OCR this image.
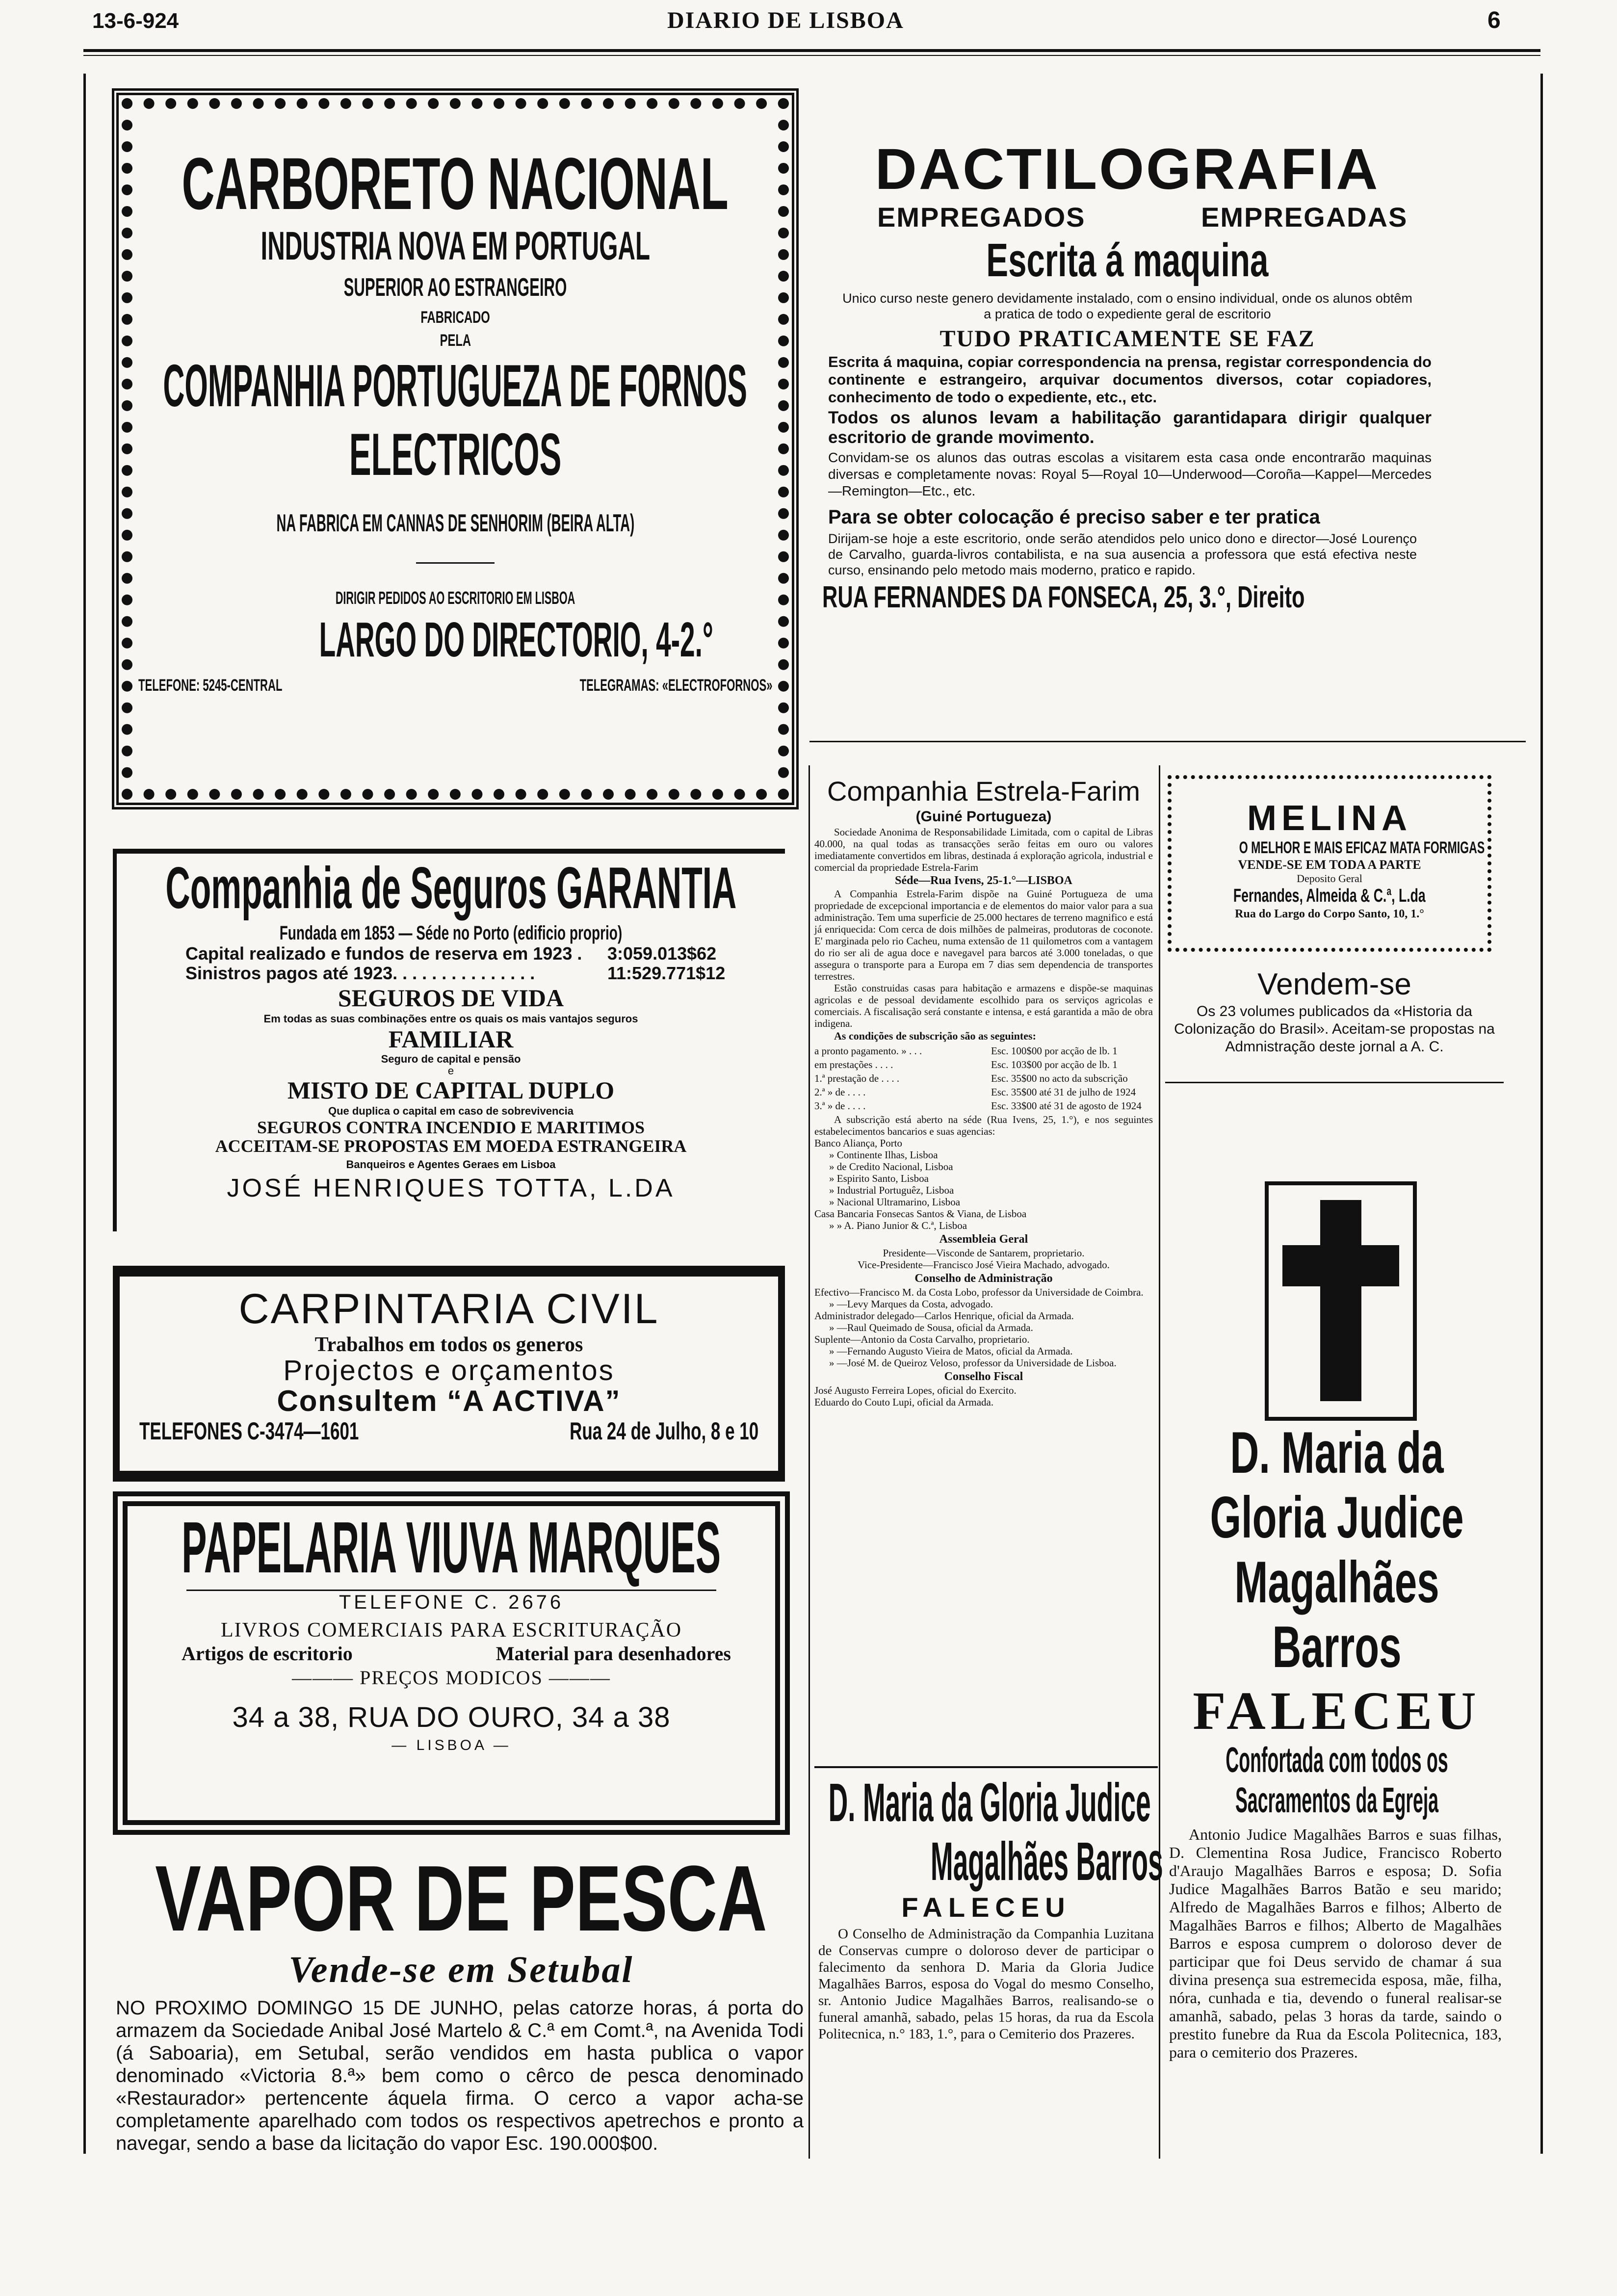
13-6-924	DIARIO DE LISBOA	6
CARBORETO NACIONAL
INDUSTRIA NOVA EM PORTUGAL
SUPERIOR AO ESTRANGEIRO
FABRICADO
PELA
COMPANHIA PORTUGUEZA DE FORNOS
ELECTRICOS
NA FABRICA EM CANNAS DE SENHORIM (BEIRA ALTA)
DIRIGIR PEDIDOS AO ESCRITORIO EM LISBOA
LARGO DO DIRECTORIO, 4-2.°
TELEFONE: 5245-CENTRAL	TELEGRAMAS: «ELECTROFORNOS»
DACTILOGRAFIA
EMPREGADOS	EMPREGADAS
Escrita á maquina

Unico curso neste genero devidamente instalado, com o ensino individual, onde os alunos obtêm a pratica de todo o expediente geral de escritorio

TUDO PRATICAMENTE SE FAZ

Escrita á maquina, copiar correspondencia na prensa, registar correspondencia do continente e estrangeiro, arquivar documentos diversos, cotar copiadores, conhecimento de todo o expediente, etc., etc.

Todos os alunos levam a habilitação garantidapara dirigir qualquer escritorio de grande movimento.

Convidam-se os alunos das outras escolas a visitarem esta casa onde encontrarão maquinas diversas e completamente novas: Royal 5—Royal 10—Underwood—Coroña—Kappel—Mercedes—Remington—Etc., etc.

Para se obter colocação é preciso saber e ter pratica

Dirijam-se hoje a este escritorio, onde serão atendidos pelo unico dono e director—José Lourenço de Carvalho, guarda-livros contabilista, e na sua ausencia a professora que está efectiva neste curso, ensinando pelo metodo mais moderno, pratico e rapido.

RUA FERNANDES DA FONSECA, 25, 3.°, Direito
Companhia de Seguros GARANTIA
Fundada em 1853 — Séde no Porto (edificio proprio)
Capital realizado e fundos de reserva em 1923 . 3:059.013$62
Sinistros pagos até 1923. . . . . . . . . . . . . . .	11:529.771$12
SEGUROS DE VIDA
Em todas as suas combinações entre os quais os mais vantajos seguros
FAMILIAR
Seguro de capital e pensão
e
MISTO DE CAPITAL DUPLO
Que duplica o capital em caso de sobrevivencia
SEGUROS CONTRA INCENDIO E MARITIMOS
ACCEITAM-SE PROPOSTAS EM MOEDA ESTRANGEIRA
Banqueiros e Agentes Geraes em Lisboa
JOSÉ HENRIQUES TOTTA, L.DA
CARPINTARIA CIVIL
Trabalhos em todos os generos
Projectos e orçamentos
Consultem “A ACTIVA”
TELEFONES C-3474—1601	Rua 24 de Julho, 8 e 10
PAPELARIA VIUVA MARQUES
TELEFONE C. 2676
LIVROS COMERCIAIS PARA ESCRITURAÇÃO
Artigos de escritorio	Material para desenhadores
——— PREÇOS MODICOS ———
34 a 38, RUA DO OURO, 34 a 38
— LISBOA —
VAPOR DE PESCA
Vende-se em Setubal

NO PROXIMO DOMINGO 15 DE JUNHO, pelas catorze horas, á porta do armazem da Sociedade Anibal José Martelo & C.ª em Comt.ª, na Avenida Todi (á Saboaria), em Setubal, serão vendidos em hasta publica o vapor denominado «Victoria 8.ª» bem como o cêrco de pesca denominado «Restaurador» pertencente áquela firma. O cerco a vapor acha-se completamente aparelhado com todos os respectivos apetrechos e pronto a navegar, sendo a base da licitação do vapor Esc. 190.000$00.

Companhia Estrela-Farim
(Guiné Portugueza)

Sociedade Anonima de Responsabilidade Limitada, com o capital de Libras 40.000, na qual todas as transacções serão feitas em ouro ou valores imediatamente convertidos em libras, destinada á exploração agricola, industrial e comercial da propriedade Estrela-Farim

Séde—Rua Ivens, 25-1.°—LISBOA

A Companhia Estrela-Farim dispõe na Guiné Portugueza de uma propriedade de excepcional importancia e de elementos do maior valor para a sua administração. Tem uma superficie de 25.000 hectares de terreno magnifico e está já enriquecida: Com cerca de dois milhões de palmeiras, produtoras de coconote. E' marginada pelo rio Cacheu, numa extensão de 11 quilometros com a vantagem do rio ser ali de agua doce e navegavel para barcos até 3.000 toneladas, o que assegura o transporte para a Europa em 7 dias sem dependencia de transportes terrestres.

Estão construidas casas para habitação e armazens e dispõe-se maquinas agricolas e de pessoal devidamente escolhido para os serviços agricolas e comerciais. A fiscalisação será constante e intensa, e está garantida a mão de obra indigena.

As condições de subscrição são as seguintes:
a pronto pagamento. » . . .	Esc. 100$00 por acção de lb. 1
em prestações . . . .	Esc. 103$00 por acção de lb. 1
1.ª prestação de . . . .	Esc. 35$00 no acto da subscrição
2.ª » de . . . .	Esc. 35$00 até 31 de julho de 1924
3.ª » de . . . .	Esc. 33$00 até 31 de agosto de 1924

A subscrição está aberto na séde (Rua Ivens, 25, 1.°), e nos seguintes estabelecimentos bancarios e suas agencias:

Banco Aliança, Porto
» Continente Ilhas, Lisboa
» de Credito Nacional, Lisboa
» Espirito Santo, Lisboa
» Industrial Portuguêz, Lisboa
» Nacional Ultramarino, Lisboa
Casa Bancaria Fonsecas Santos & Viana, de Lisboa
» » A. Piano Junior & C.ª, Lisboa
Assembleia Geral
Presidente—Visconde de Santarem, proprietario.
Vice-Presidente—Francisco José Vieira Machado, advogado.
Conselho de Administração
Efectivo—Francisco M. da Costa Lobo, professor da Universidade de Coimbra.
» —Levy Marques da Costa, advogado.
Administrador delegado—Carlos Henrique, oficial da Armada.
» —Raul Queimado de Sousa, oficial da Armada.
Suplente—Antonio da Costa Carvalho, proprietario.
» —Fernando Augusto Vieira de Matos, oficial da Armada.
» —José M. de Queiroz Veloso, professor da Universidade de Lisboa.
Conselho Fiscal
José Augusto Ferreira Lopes, oficial do Exercito.
Eduardo do Couto Lupi, oficial da Armada.
D. Maria da Gloria Judice
Magalhães Barros
FALECEU

O Conselho de Administração da Companhia Luzitana de Conservas cumpre o doloroso dever de participar o falecimento da senhora D. Maria da Gloria Judice Magalhães Barros, esposa do Vogal do mesmo Conselho, sr. Antonio Judice Magalhães Barros, realisando-se o funeral amanhã, sabado, pelas 15 horas, da rua da Escola Politecnica, n.° 183, 1.°, para o Cemiterio dos Prazeres.

MELINA
O MELHOR E MAIS EFICAZ MATA FORMIGAS
VENDE-SE EM TODA A PARTE
Deposito Geral
Fernandes, Almeida & C.ª, L.da
Rua do Largo do Corpo Santo, 10, 1.°
Vendem-se

Os 23 volumes publicados da «Historia da Colonização do Brasil». Aceitam-se propostas na Admnistração deste jornal a A. C.

D. Maria da Gloria Judice Magalhães Barros
FALECEU
Confortada com todos os Sacramentos da Egreja

Antonio Judice Magalhães Barros e suas filhas, D. Clementina Rosa Judice, Francisco Roberto d'Araujo Magalhães Barros e esposa; D. Sofia Judice Magalhães Barros Batão e seu marido; Alfredo de Magalhães Barros e filhos; Alberto de Magalhães Barros e filhos; Alberto de Magalhães Barros e esposa cumprem o doloroso dever de participar que foi Deus servido de chamar á sua divina presença sua estremecida esposa, mãe, filha, nóra, cunhada e tia, devendo o funeral realisar-se amanhã, sabado, pelas 3 horas da tarde, saindo o prestito funebre da Rua da Escola Politecnica, 183, para o cemiterio dos Prazeres.
